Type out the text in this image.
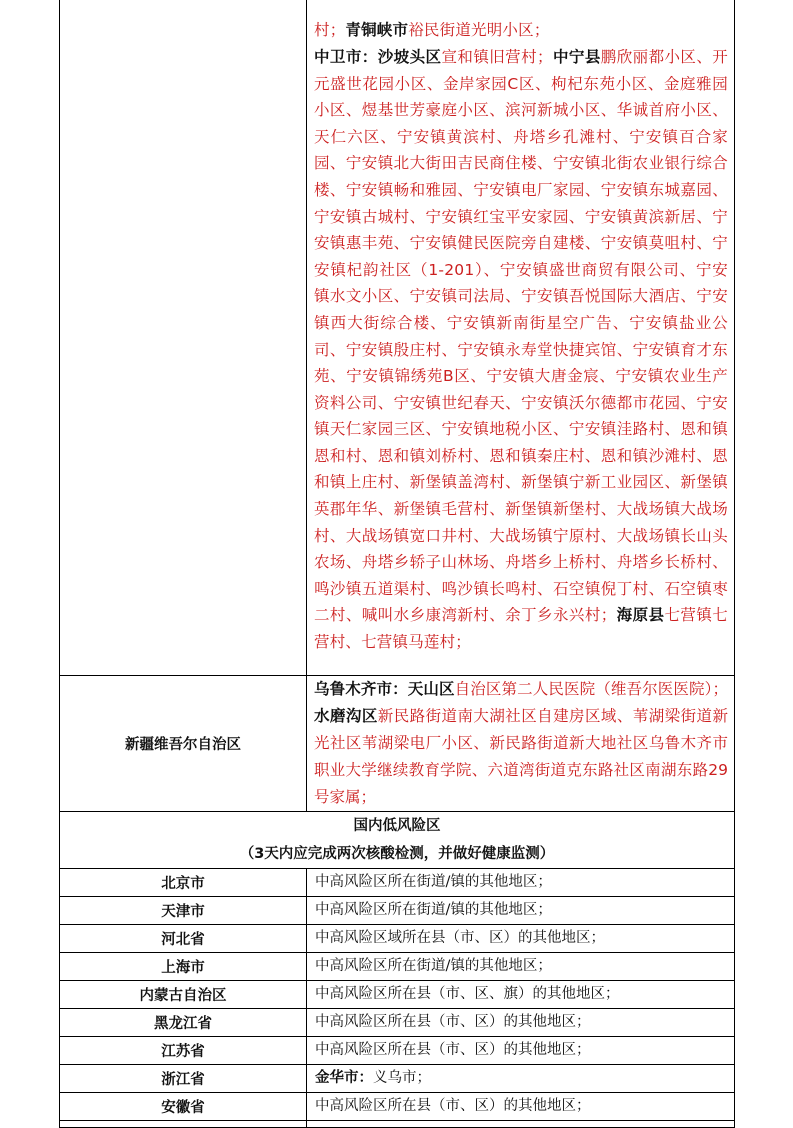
	村；青铜峡市裕民街道光明小区；
中卫市：沙坡头区宣和镇旧营村；中宁县鹏欣丽都小区、开元盛世花园小区、金岸家园C区、枸杞东苑小区、金庭雅园小区、煜基世芳豪庭小区、滨河新城小区、华诚首府小区、天仁六区、宁安镇黄滨村、舟塔乡孔滩村、宁安镇百合家园、宁安镇北大街田吉民商住楼、宁安镇北街农业银行综合楼、宁安镇畅和雅园、宁安镇电厂家园、宁安镇东城嘉园、宁安镇古城村、宁安镇红宝平安家园、宁安镇黄滨新居、宁安镇惠丰苑、宁安镇健民医院旁自建楼、宁安镇莫咀村、宁安镇杞韵社区（1-201）、宁安镇盛世商贸有限公司、宁安镇水文小区、宁安镇司法局、宁安镇吾悦国际大酒店、宁安镇西大街综合楼、宁安镇新南街星空广告、宁安镇盐业公司、宁安镇殷庄村、宁安镇永寿堂快捷宾馆、宁安镇育才东苑、宁安镇锦绣苑B区、宁安镇大唐金宸、宁安镇农业生产资料公司、宁安镇世纪春天、宁安镇沃尔德都市花园、宁安镇天仁家园三区、宁安镇地税小区、宁安镇洼路村、恩和镇恩和村、恩和镇刘桥村、恩和镇秦庄村、恩和镇沙滩村、恩和镇上庄村、新堡镇盖湾村、新堡镇宁新工业园区、新堡镇英郡年华、新堡镇毛营村、新堡镇新堡村、大战场镇大战场村、大战场镇宽口井村、大战场镇宁原村、大战场镇长山头农场、舟塔乡轿子山林场、舟塔乡上桥村、舟塔乡长桥村、鸣沙镇五道渠村、鸣沙镇长鸣村、石空镇倪丁村、石空镇枣二村、喊叫水乡康湾新村、余丁乡永兴村；海原县七营镇七营村、七营镇马莲村；

新疆维吾尔自治区	乌鲁木齐市：天山区自治区第二人民医院（维吾尔医医院）；水磨沟区新民路街道南大湖社区自建房区域、苇湖梁街道新光社区苇湖梁电厂小区、新民路街道新大地社区乌鲁木齐市职业大学继续教育学院、六道湾街道克东路社区南湖东路29号家属；

国内低风险区
（3天内应完成两次核酸检测，并做好健康监测）	

北京市	中高风险区所在街道/镇的其他地区；
天津市	中高风险区所在街道/镇的其他地区；
河北省	中高风险区域所在县（市、区）的其他地区；
上海市	中高风险区所在街道/镇的其他地区；
内蒙古自治区	中高风险区所在县（市、区、旗）的其他地区；
黑龙江省	中高风险区所在县（市、区）的其他地区；
江苏省	中高风险区所在县（市、区）的其他地区；
浙江省	金华市：义乌市；
安徽省	中高风险区所在县（市、区）的其他地区；
